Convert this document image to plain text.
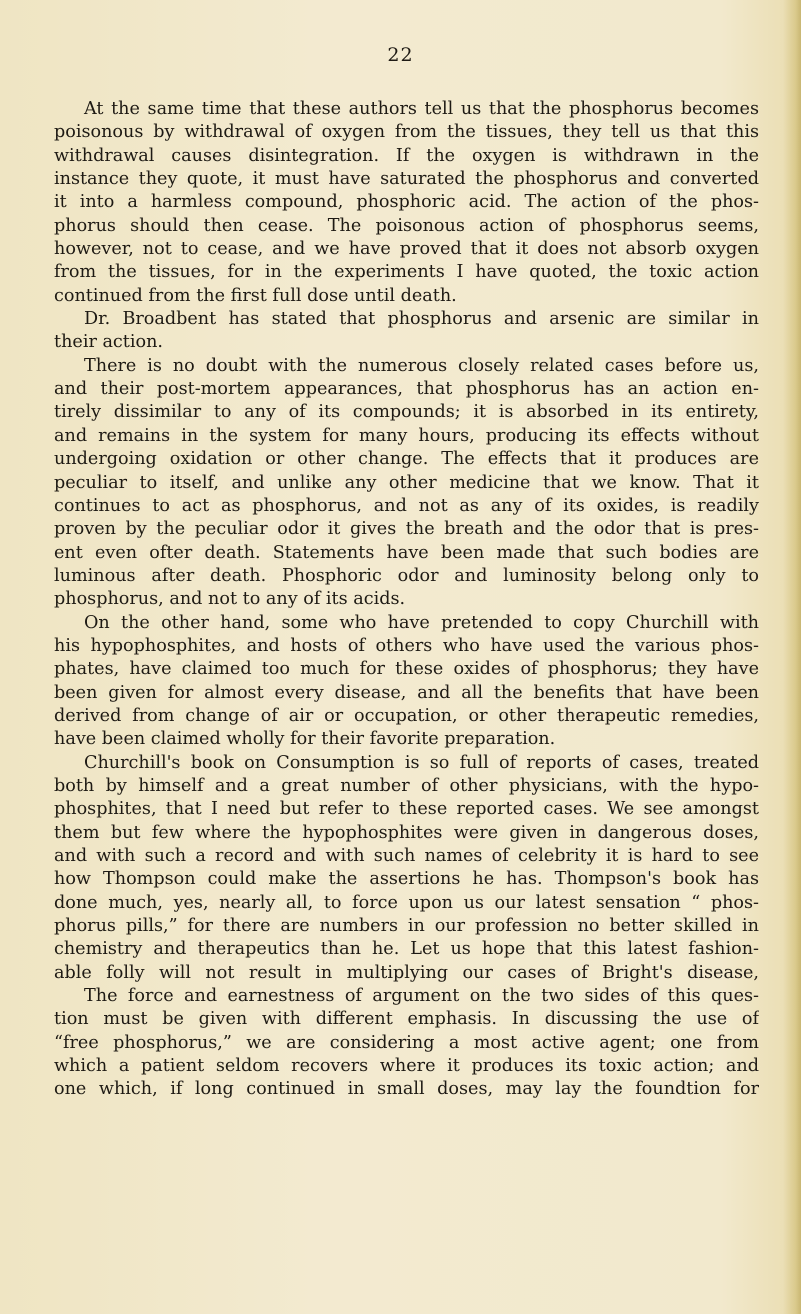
22
At the same time that these authors tell us that the phosphorus becomes
poisonous by withdrawal of oxygen from the tissues, they tell us that this
withdrawal causes disintegration. If the oxygen is withdrawn in the
instance they quote, it must have saturated the phosphorus and converted
it into a harmless compound, phosphoric acid. The action of the phos-
phorus should then cease. The poisonous action of phosphorus seems,
however, not to cease, and we have proved that it does not absorb oxygen
from the tissues, for in the experiments I have quoted, the toxic action
continued from the first full dose until death.
Dr. Broadbent has stated that phosphorus and arsenic are similar in
their action.
There is no doubt with the numerous closely related cases before us,
and their post-mortem appearances, that phosphorus has an action en-
tirely dissimilar to any of its compounds; it is absorbed in its entirety,
and remains in the system for many hours, producing its effects without
undergoing oxidation or other change. The effects that it produces are
peculiar to itself, and unlike any other medicine that we know. That it
continues to act as phosphorus, and not as any of its oxides, is readily
proven by the peculiar odor it gives the breath and the odor that is pres-
ent even ofter death. Statements have been made that such bodies are
luminous after death. Phosphoric odor and luminosity belong only to
phosphorus, and not to any of its acids.
On the other hand, some who have pretended to copy Churchill with
his hypophosphites, and hosts of others who have used the various phos-
phates, have claimed too much for these oxides of phosphorus; they have
been given for almost every disease, and all the benefits that have been
derived from change of air or occupation, or other therapeutic remedies,
have been claimed wholly for their favorite preparation.
Churchill's book on Consumption is so full of reports of cases, treated
both by himself and a great number of other physicians, with the hypo-
phosphites, that I need but refer to these reported cases. We see amongst
them but few where the hypophosphites were given in dangerous doses,
and with such a record and with such names of celebrity it is hard to see
how Thompson could make the assertions he has. Thompson's book has
done much, yes, nearly all, to force upon us our latest sensation “ phos-
phorus pills,” for there are numbers in our profession no better skilled in
chemistry and therapeutics than he. Let us hope that this latest fashion-
able folly will not result in multiplying our cases of Bright's disease,
The force and earnestness of argument on the two sides of this ques-
tion must be given with different emphasis. In discussing the use of
“free phosphorus,” we are considering a most active agent; one from
which a patient seldom recovers where it produces its toxic action; and
one which, if long continued in small doses, may lay the foundtion for
